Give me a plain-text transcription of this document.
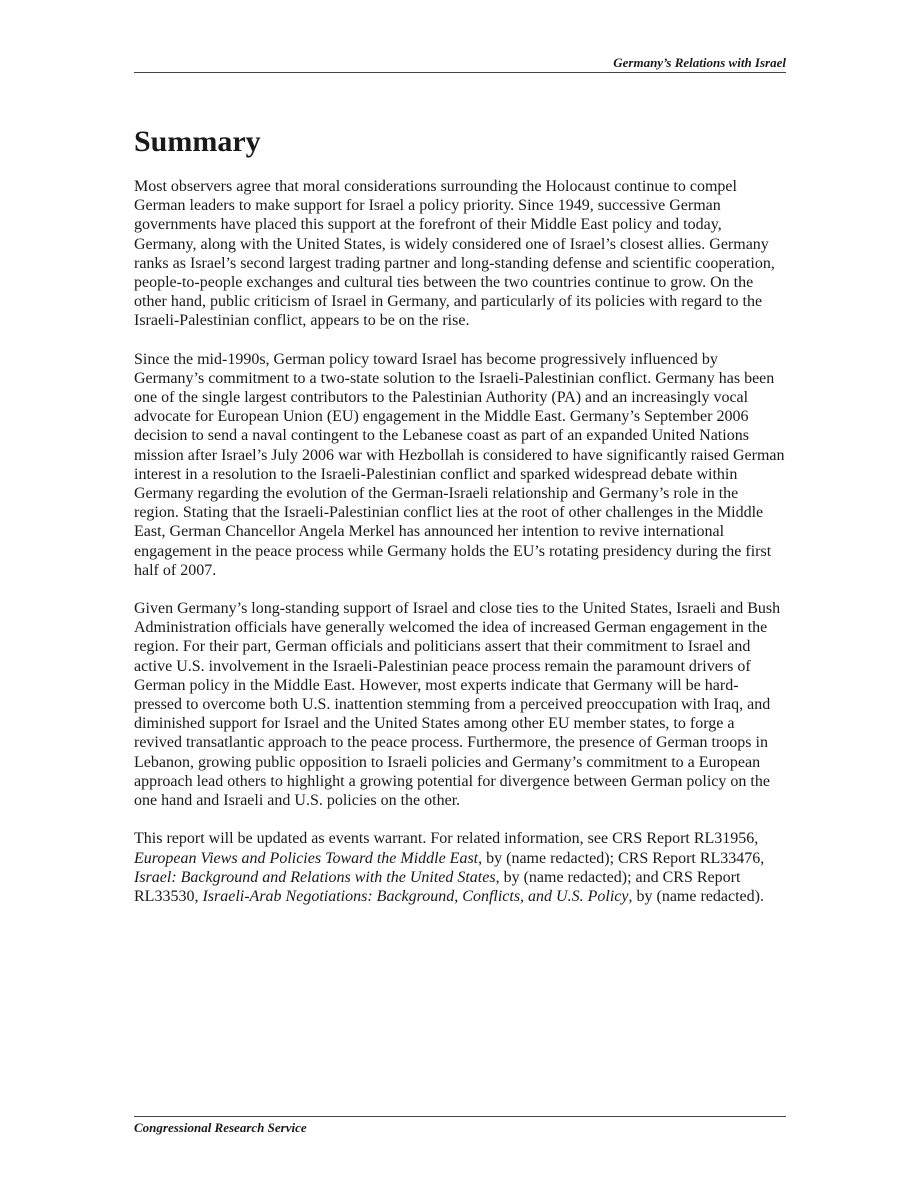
Germany’s Relations with Israel
Summary

Most observers agree that moral considerations surrounding the Holocaust continue to compel German leaders to make support for Israel a policy priority. Since 1949, successive German governments have placed this support at the forefront of their Middle East policy and today, Germany, along with the United States, is widely considered one of Israel’s closest allies. Germany ranks as Israel’s second largest trading partner and long-standing defense and scientific cooperation, people-to-people exchanges and cultural ties between the two countries continue to grow. On the other hand, public criticism of Israel in Germany, and particularly of its policies with regard to the Israeli-Palestinian conflict, appears to be on the rise.

Since the mid-1990s, German policy toward Israel has become progressively influenced by Germany’s commitment to a two-state solution to the Israeli-Palestinian conflict. Germany has been one of the single largest contributors to the Palestinian Authority (PA) and an increasingly vocal advocate for European Union (EU) engagement in the Middle East. Germany’s September 2006 decision to send a naval contingent to the Lebanese coast as part of an expanded United Nations mission after Israel’s July 2006 war with Hezbollah is considered to have significantly raised German interest in a resolution to the Israeli-Palestinian conflict and sparked widespread debate within Germany regarding the evolution of the German-Israeli relationship and Germany’s role in the region. Stating that the Israeli-Palestinian conflict lies at the root of other challenges in the Middle East, German Chancellor Angela Merkel has announced her intention to revive international engagement in the peace process while Germany holds the EU’s rotating presidency during the first half of 2007.

Given Germany’s long-standing support of Israel and close ties to the United States, Israeli and Bush Administration officials have generally welcomed the idea of increased German engagement in the region. For their part, German officials and politicians assert that their commitment to Israel and active U.S. involvement in the Israeli-Palestinian peace process remain the paramount drivers of German policy in the Middle East. However, most experts indicate that Germany will be hard-pressed to overcome both U.S. inattention stemming from a perceived preoccupation with Iraq, and diminished support for Israel and the United States among other EU member states, to forge a revived transatlantic approach to the peace process. Furthermore, the presence of German troops in Lebanon, growing public opposition to Israeli policies and Germany’s commitment to a European approach lead others to highlight a growing potential for divergence between German policy on the one hand and Israeli and U.S. policies on the other.

This report will be updated as events warrant. For related information, see CRS Report RL31956, European Views and Policies Toward the Middle East, by (name redacted); CRS Report RL33476, Israel: Background and Relations with the United States, by (name redacted); and CRS Report RL33530, Israeli-Arab Negotiations: Background, Conflicts, and U.S. Policy, by (name redacted).

Congressional Research Service
